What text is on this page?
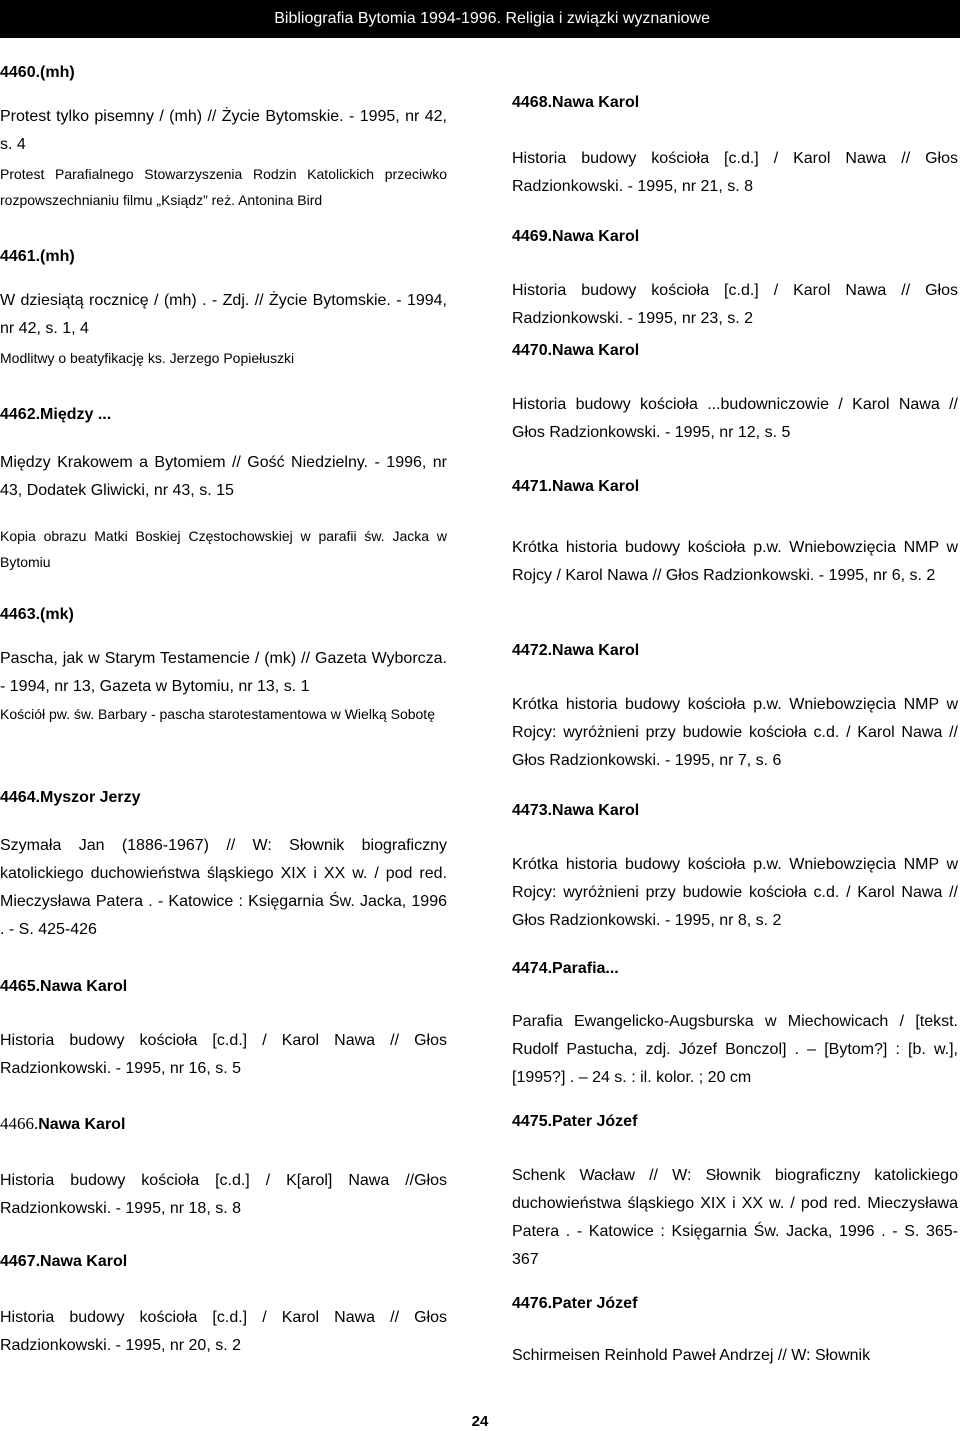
Bibliografia Bytomia 1994-1996. Religia i związki wyznaniowe
4460.(mh)
Protest tylko pisemny / (mh) // Życie Bytomskie. - 1995, nr 42, s. 4
Protest Parafialnego Stowarzyszenia Rodzin Katolickich przeciwko rozpowszechnianiu filmu „Ksiądz” reż. Antonina Bird
4461.(mh)
W dziesiątą rocznicę / (mh) . - Zdj. // Życie Bytomskie. - 1994, nr 42, s. 1, 4
Modlitwy o beatyfikację ks. Jerzego Popiełuszki
4462.Między ...
Między Krakowem a Bytomiem // Gość Niedzielny. - 1996, nr 43, Dodatek Gliwicki, nr 43, s. 15
Kopia obrazu Matki Boskiej Częstochowskiej w parafii św. Jacka w Bytomiu
4463.(mk)
Pascha, jak w Starym Testamencie / (mk) // Gazeta Wyborcza. - 1994, nr 13, Gazeta w Bytomiu, nr 13, s. 1
Kościół pw. św. Barbary - pascha starotestamentowa w Wielką Sobotę
4464.Myszor Jerzy
Szymała Jan (1886-1967) // W: Słownik biograficzny katolickiego duchowieństwa śląskiego XIX i XX w. / pod red. Mieczysława Patera . - Katowice : Księgarnia Św. Jacka, 1996 . - S. 425-426
4465.Nawa Karol
Historia budowy kościoła [c.d.] / Karol Nawa // Głos Radzionkowski. - 1995, nr 16, s. 5
4466.Nawa Karol
Historia budowy kościoła [c.d.] / K[arol] Nawa //Głos Radzionkowski. - 1995, nr 18, s. 8
4467.Nawa Karol
Historia budowy kościoła [c.d.] / Karol Nawa // Głos Radzionkowski. - 1995, nr 20, s. 2
4468.Nawa Karol
Historia budowy kościoła [c.d.] / Karol Nawa // Głos Radzionkowski. - 1995, nr 21, s. 8
4469.Nawa Karol
Historia budowy kościoła [c.d.] / Karol Nawa // Głos Radzionkowski. - 1995, nr 23, s. 2
4470.Nawa Karol
Historia budowy kościoła ...budowniczowie / Karol Nawa // Głos Radzionkowski. - 1995, nr 12, s. 5
4471.Nawa Karol
Krótka historia budowy kościoła p.w. Wniebowzięcia NMP w Rojcy / Karol Nawa // Głos Radzionkowski. - 1995, nr 6, s. 2
4472.Nawa Karol
Krótka historia budowy kościoła p.w. Wniebowzięcia NMP w Rojcy: wyróżnieni przy budowie kościoła c.d. / Karol Nawa // Głos Radzionkowski. - 1995, nr 7, s. 6
4473.Nawa Karol
Krótka historia budowy kościoła p.w. Wniebowzięcia NMP w Rojcy: wyróżnieni przy budowie kościoła c.d. / Karol Nawa // Głos Radzionkowski. - 1995, nr 8, s. 2
4474.Parafia...
Parafia Ewangelicko-Augsburska w Miechowicach / [tekst. Rudolf Pastucha, zdj. Józef Bonczol] . – [Bytom?] : [b. w.], [1995?] . – 24 s. : il. kolor. ; 20 cm
4475.Pater Józef
Schenk Wacław // W: Słownik biograficzny katolickiego duchowieństwa śląskiego XIX i XX w. / pod red. Mieczysława Patera . - Katowice : Księgarnia Św. Jacka, 1996 . - S. 365-367
4476.Pater Józef
Schirmeisen Reinhold Paweł Andrzej // W: Słownik
24
